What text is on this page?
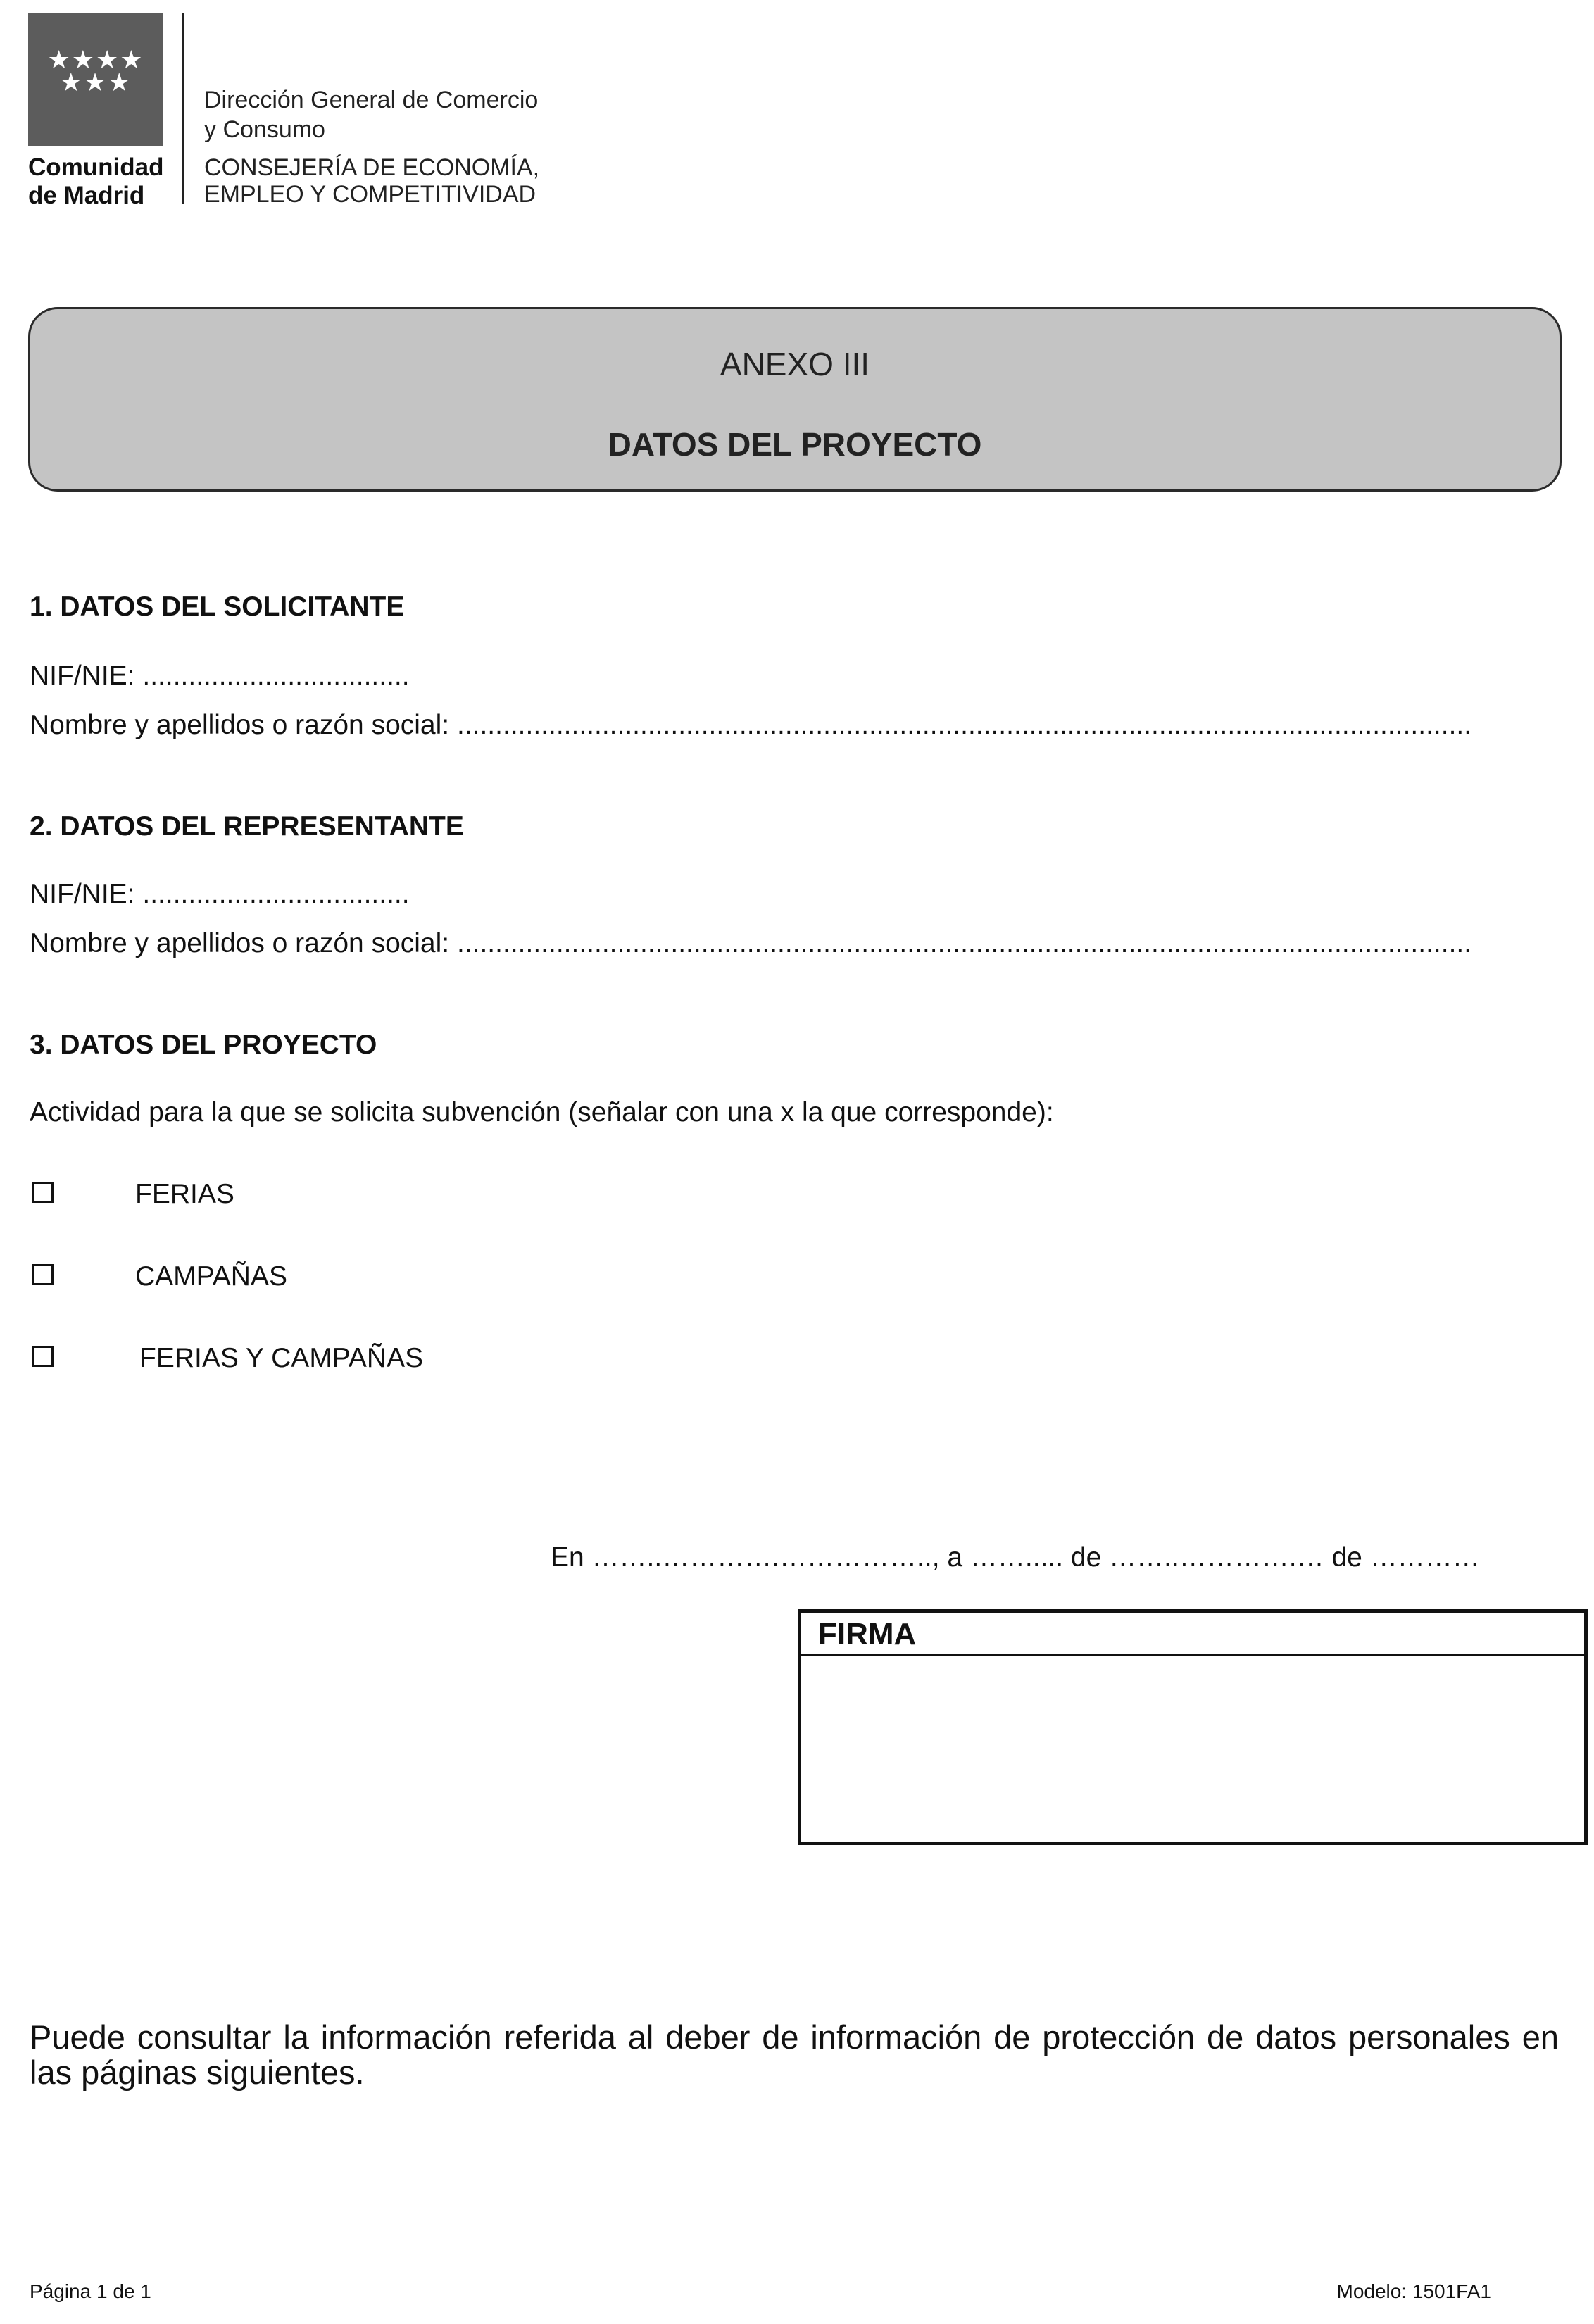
★★★★
★★★
Comunidad
de Madrid
Dirección General de Comercio
y Consumo
CONSEJERÍA DE ECONOMÍA,
EMPLEO Y COMPETITIVIDAD
ANEXO III
DATOS DEL PROYECTO
1. DATOS DEL SOLICITANTE
NIF/NIE: ...................................
Nombre y apellidos o razón social: .....................................................................................................................................
2. DATOS DEL REPRESENTANTE
NIF/NIE: ...................................
Nombre y apellidos o razón social: .....................................................................................................................................
3. DATOS DEL PROYECTO
Actividad para la que se solicita subvención (señalar con una x la que corresponde):
FERIAS
CAMPAÑAS
FERIAS Y CAMPAÑAS
En ……..………….…………….., a ……..... de ……..………….… de …………
FIRMA
Puede consultar la información referida al deber de información de protección de datos personales en las páginas siguientes.
Página 1 de 1	Modelo: 1501FA1
